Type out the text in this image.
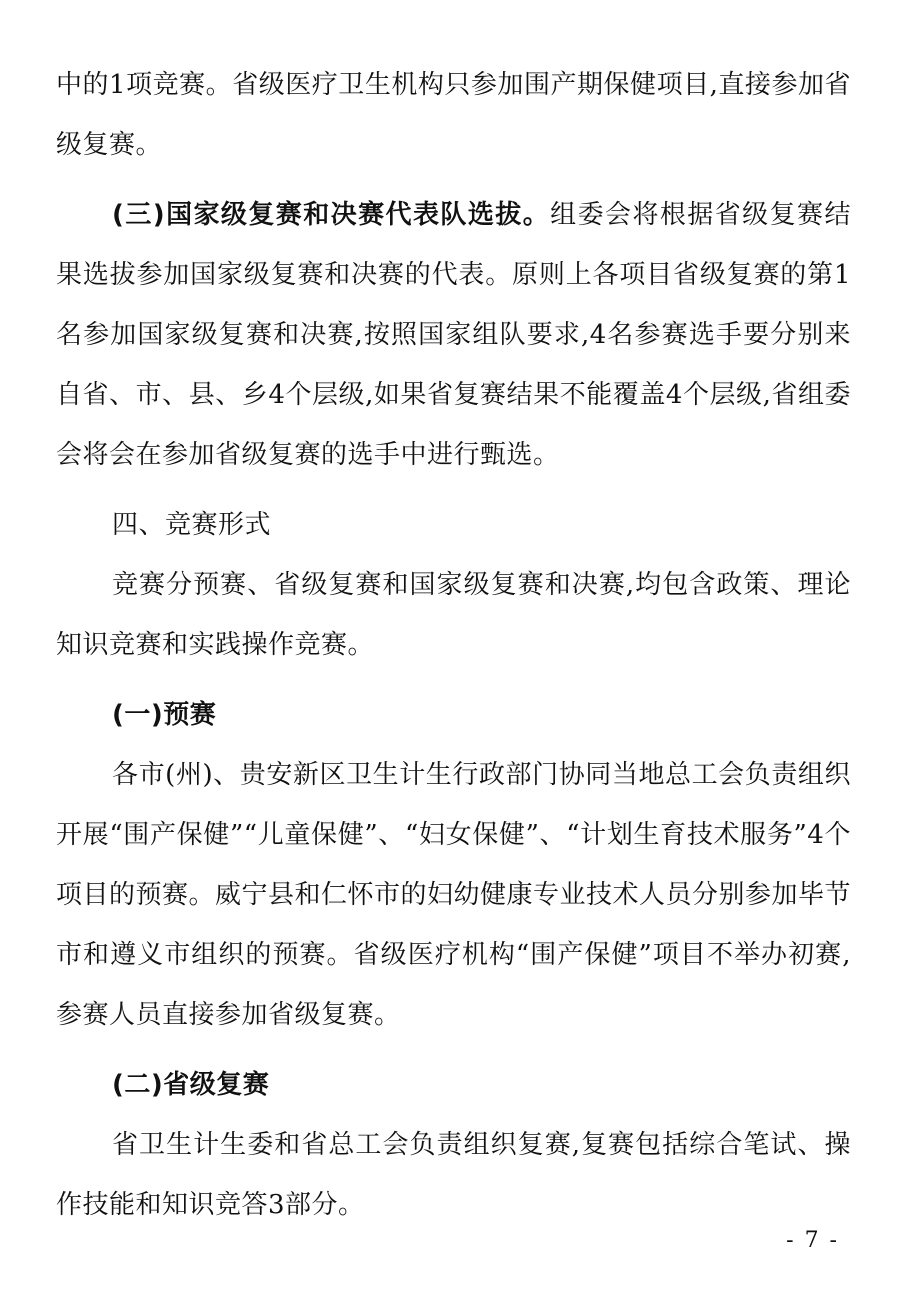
中的1项竞赛。省级医疗卫生机构只参加围产期保健项目,直接参加省级复赛。

(三)国家级复赛和决赛代表队选拔。组委会将根据省级复赛结果选拔参加国家级复赛和决赛的代表。原则上各项目省级复赛的第1名参加国家级复赛和决赛,按照国家组队要求,4名参赛选手要分别来自省、市、县、乡4个层级,如果省复赛结果不能覆盖4个层级,省组委会将会在参加省级复赛的选手中进行甄选。

四、竞赛形式

竞赛分预赛、省级复赛和国家级复赛和决赛,均包含政策、理论知识竞赛和实践操作竞赛。

(一)预赛

各市(州)、贵安新区卫生计生行政部门协同当地总工会负责组织开展“围产保健”“儿童保健”、“妇女保健”、“计划生育技术服务”4个项目的预赛。威宁县和仁怀市的妇幼健康专业技术人员分别参加毕节市和遵义市组织的预赛。省级医疗机构“围产保健”项目不举办初赛,参赛人员直接参加省级复赛。

(二)省级复赛

省卫生计生委和省总工会负责组织复赛,复赛包括综合笔试、操作技能和知识竞答3部分。

- 7 -
